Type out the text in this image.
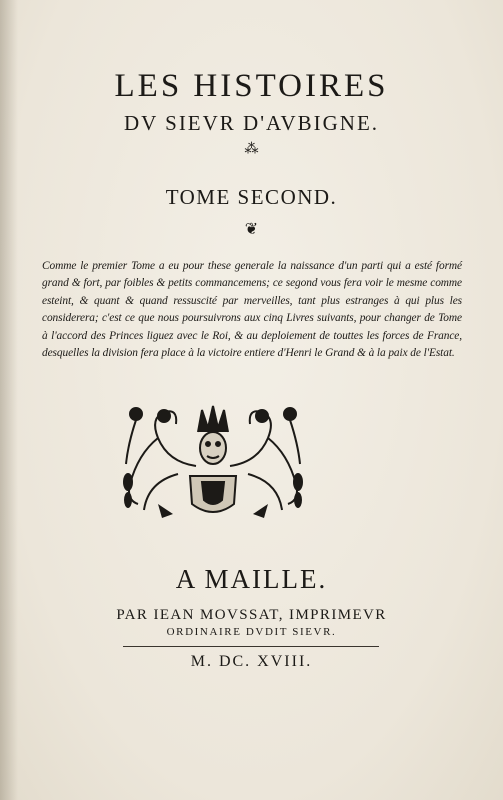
LES HISTOIRES
DV SIEVR D'AVBIGNE.
⁂
TOME SECOND.
❦
Comme le premier Tome a eu pour these generale la naissance d'un parti qui a esté formé grand & fort, par foibles & petits commancemens; ce segond vous fera voir le mesme comme esteint, & quant & quand ressuscité par merveilles, tant plus estranges à qui plus les considerera; c'est ce que nous poursuivrons aux cinq Livres suivants, pour changer de Tome à l'accord des Princes liguez avec le Roi, & au deploiement de touttes les forces de France, desquelles la division fera place à la victoire entiere d'Henri le Grand & à la paix de l'Estat.
A MAILLE.
PAR IEAN MOVSSAT, IMPRIMEVR
ORDINAIRE DVDIT SIEVR.
M. DC. XVIII.
